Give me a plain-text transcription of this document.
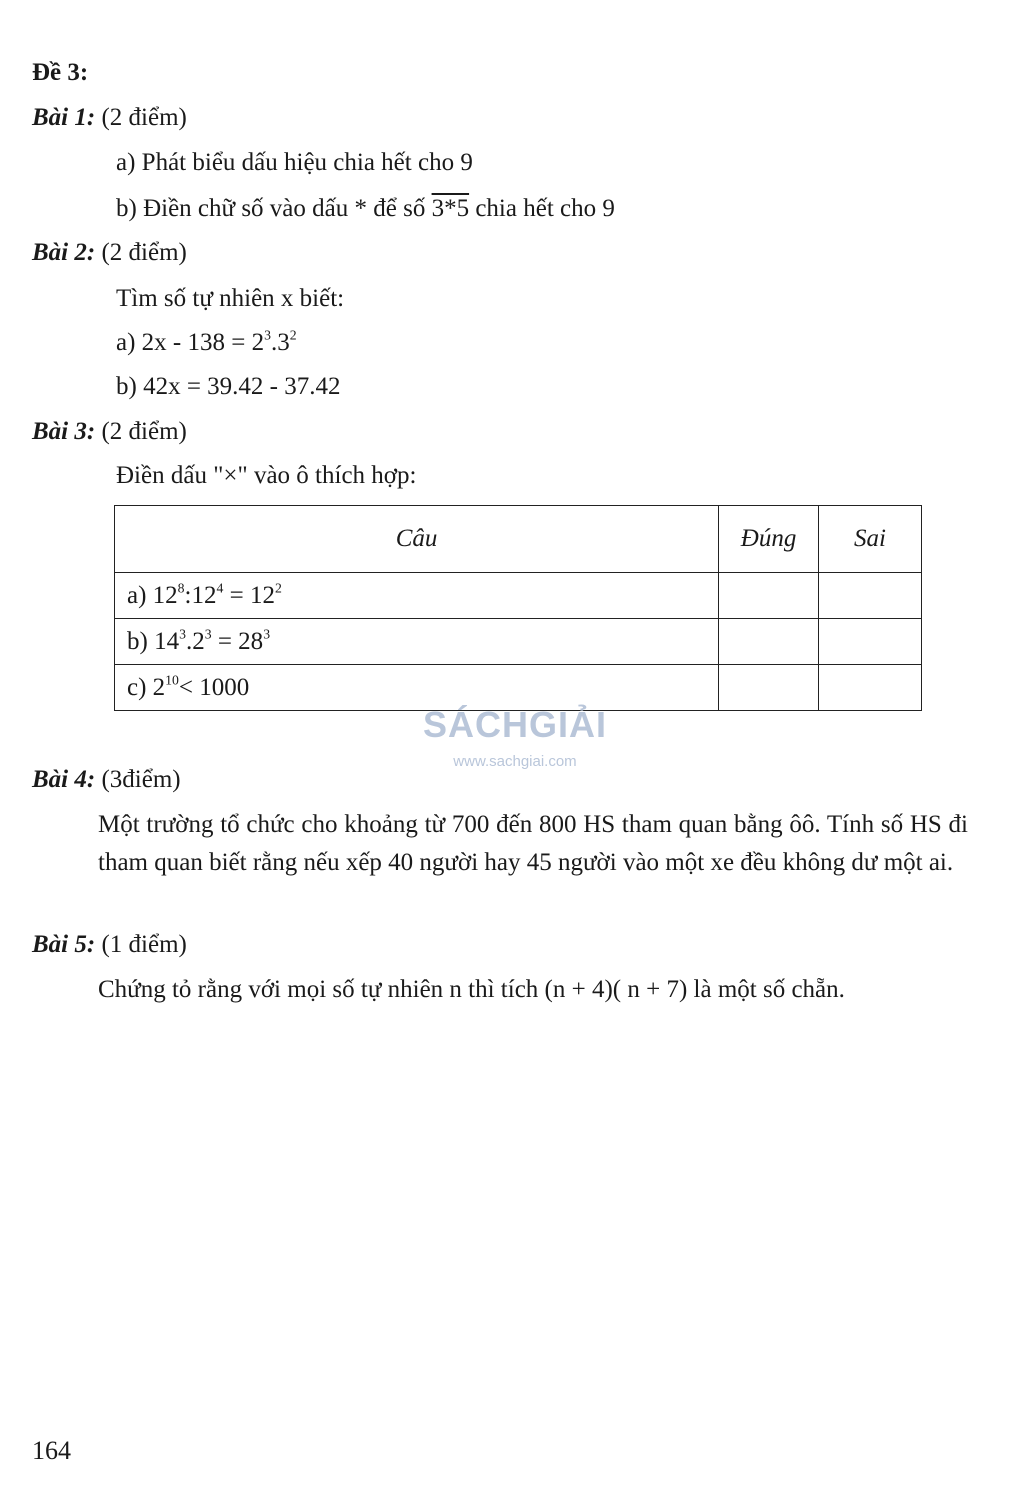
Đề 3:
Bài 1: (2 điểm)
a) Phát biểu dấu hiệu chia hết cho 9
b) Điền chữ số vào dấu * để số 3*5 chia hết cho 9
Bài 2: (2 điểm)
Tìm số tự nhiên x biết:
a) $2x - 138 = 2^3.3^2$
b) 42x = 39.42 - 37.42
Bài 3: (2 điểm)
Điền dấu "×" vào ô thích hợp:
Câu	Đúng	Sai
a) $12^8:12^4 = 12^2$		
b) $14^3.2^3 = 28^3$		
c) $2^{10}< 1000$		
SÁCHGIẢI
www.sachgiai.com
Bài 4: (3điểm)
Một trường tổ chức cho khoảng từ 700 đến 800 HS tham quan bằng ôô. Tính số HS đi tham quan biết rằng nếu xếp 40 người hay 45 người vào một xe đều không dư một ai.
Bài 5: (1 điểm)
Chứng tỏ rằng với mọi số tự nhiên n thì tích (n + 4)( n + 7) là một số chẵn.
164
